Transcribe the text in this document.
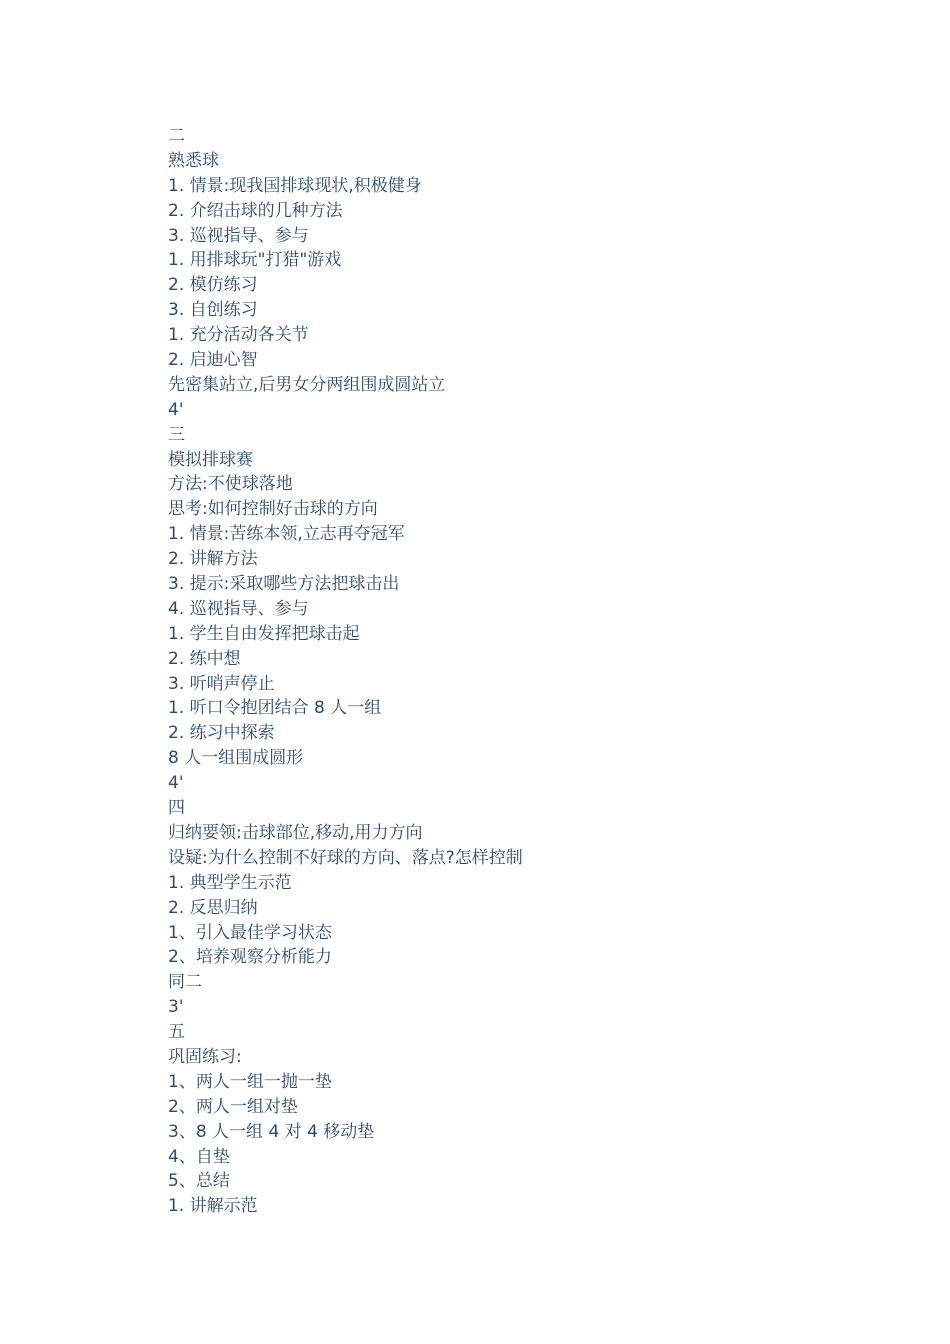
二

熟悉球

1. 情景:现我国排球现状,积极健身

2. 介绍击球的几种方法

3. 巡视指导、参与

1. 用排球玩"打猎"游戏

2. 模仿练习

3. 自创练习

1. 充分活动各关节

2. 启迪心智

先密集站立,后男女分两组围成圆站立

4'

三

模拟排球赛

方法:不使球落地

思考:如何控制好击球的方向

1. 情景:苦练本领,立志再夺冠军

2. 讲解方法

3. 提示:采取哪些方法把球击出

4. 巡视指导、参与

1. 学生自由发挥把球击起

2. 练中想

3. 听哨声停止

1. 听口令抱团结合 8 人一组

2. 练习中探索

8 人一组围成圆形

4'

四

归纳要领:击球部位,移动,用力方向

设疑:为什么控制不好球的方向、落点?怎样控制

1. 典型学生示范

2. 反思归纳

1、引入最佳学习状态

2、培养观察分析能力

同二

3'

五

巩固练习:

1、两人一组一抛一垫

2、两人一组对垫

3、8 人一组 4 对 4 移动垫

4、自垫

5、总结

1. 讲解示范
